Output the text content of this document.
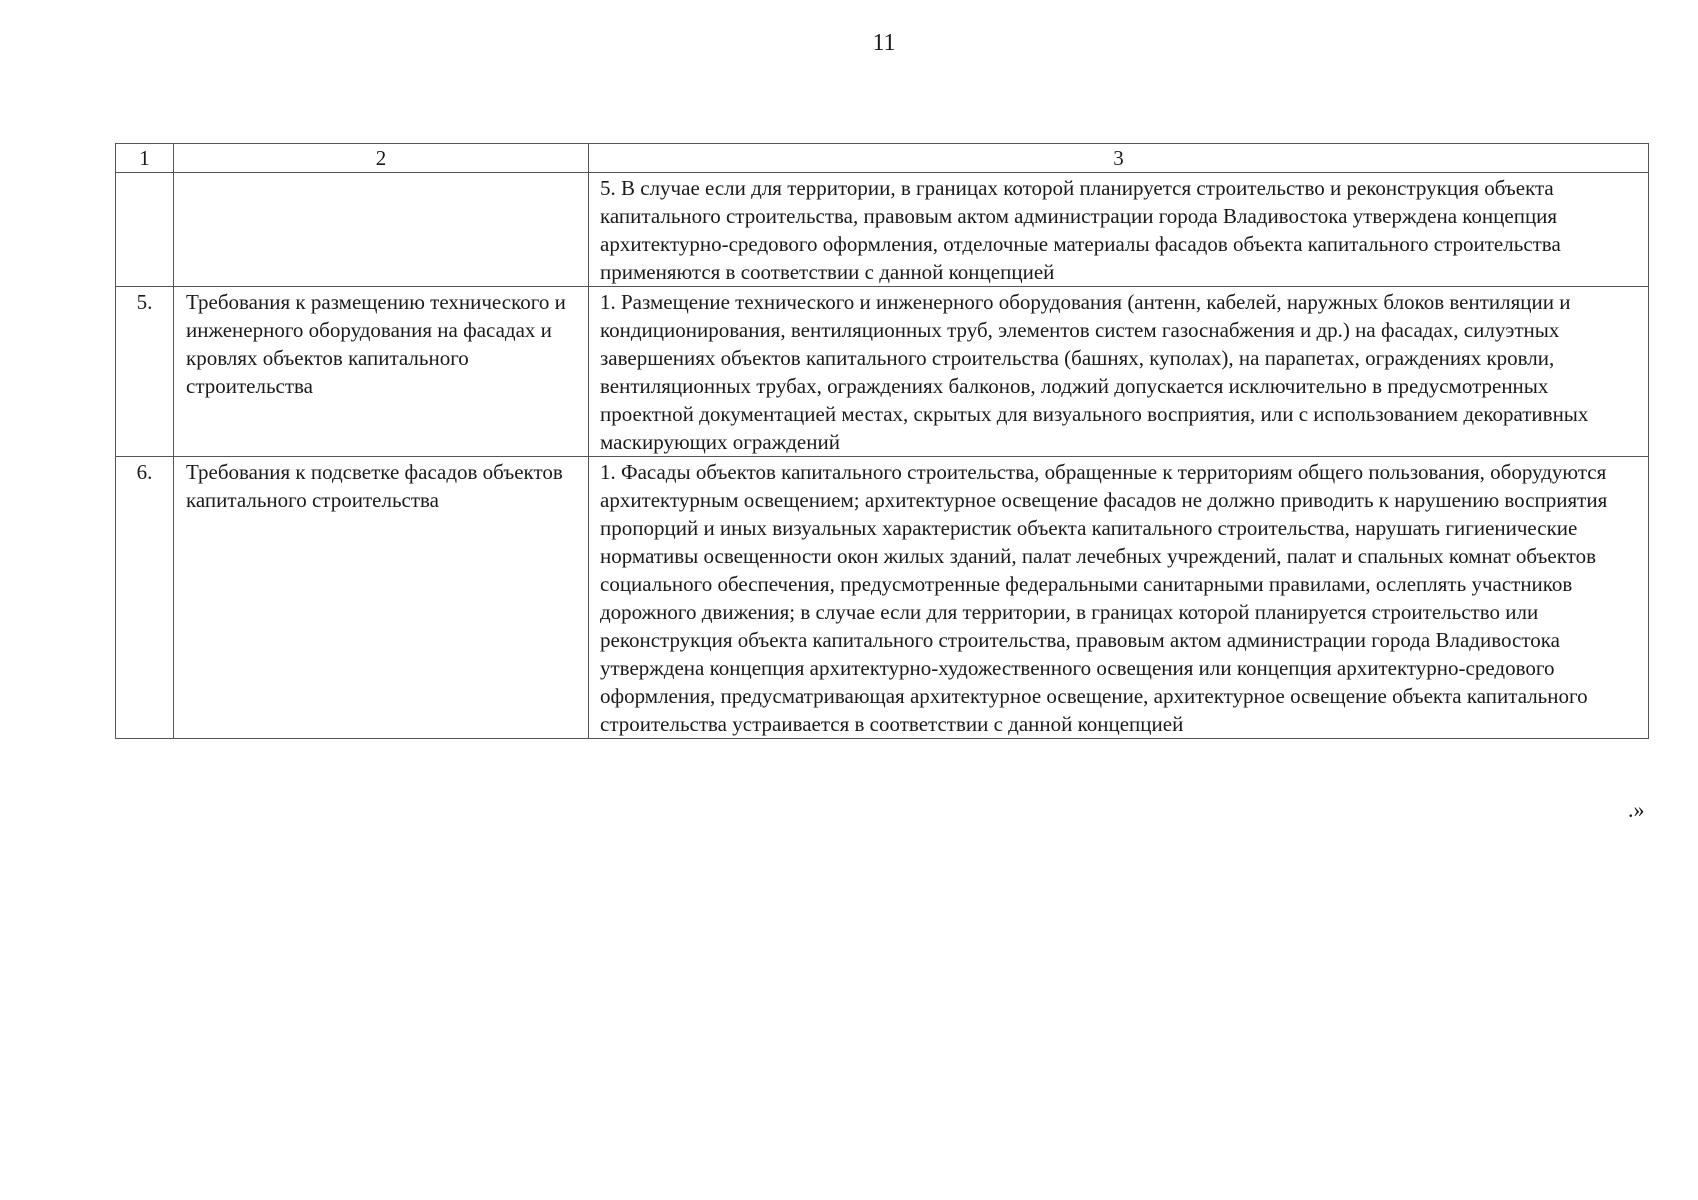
11
1	2	3
		5. В случае если для территории, в границах которой планируется строительство и реконструкция объекта капитального строительства, правовым актом администрации города Владивостока утверждена концепция архитектурно-средового оформления, отделочные материалы фасадов объекта капитального строительства применяются в соответствии с данной концепцией
5.	Требования к размещению технического и инженерного оборудования на фасадах и кровлях объектов капитального строительства	1. Размещение технического и инженерного оборудования (антенн, кабелей, наружных блоков вентиляции и кондиционирования, вентиляционных труб, элементов систем газоснабжения и др.) на фасадах, силуэтных завершениях объектов капитального строительства (башнях, куполах), на парапетах, ограждениях кровли, вентиляционных трубах, ограждениях балконов, лоджий допускается исключительно в предусмотренных проектной документацией местах, скрытых для визуального восприятия, или с использованием декоративных маскирующих ограждений
6.	Требования к подсветке фасадов объектов капитального строительства	1. Фасады объектов капитального строительства, обращенные к территориям общего пользования, оборудуются архитектурным освещением; архитектурное освещение фасадов не должно приводить к нарушению восприятия пропорций и иных визуальных характеристик объекта капитального строительства, нарушать гигиенические нормативы освещенности окон жилых зданий, палат лечебных учреждений, палат и спальных комнат объектов социального обеспечения, предусмотренные федеральными санитарными правилами, ослеплять участников дорожного движения; в случае если для территории, в границах которой планируется строительство или реконструкция объекта капитального строительства, правовым актом администрации города Владивостока утверждена концепция архитектурно-художественного освещения или концепция архитектурно-средового оформления, предусматривающая архитектурное освещение, архитектурное освещение объекта капитального строительства устраивается в соответствии с данной концепцией
.»
